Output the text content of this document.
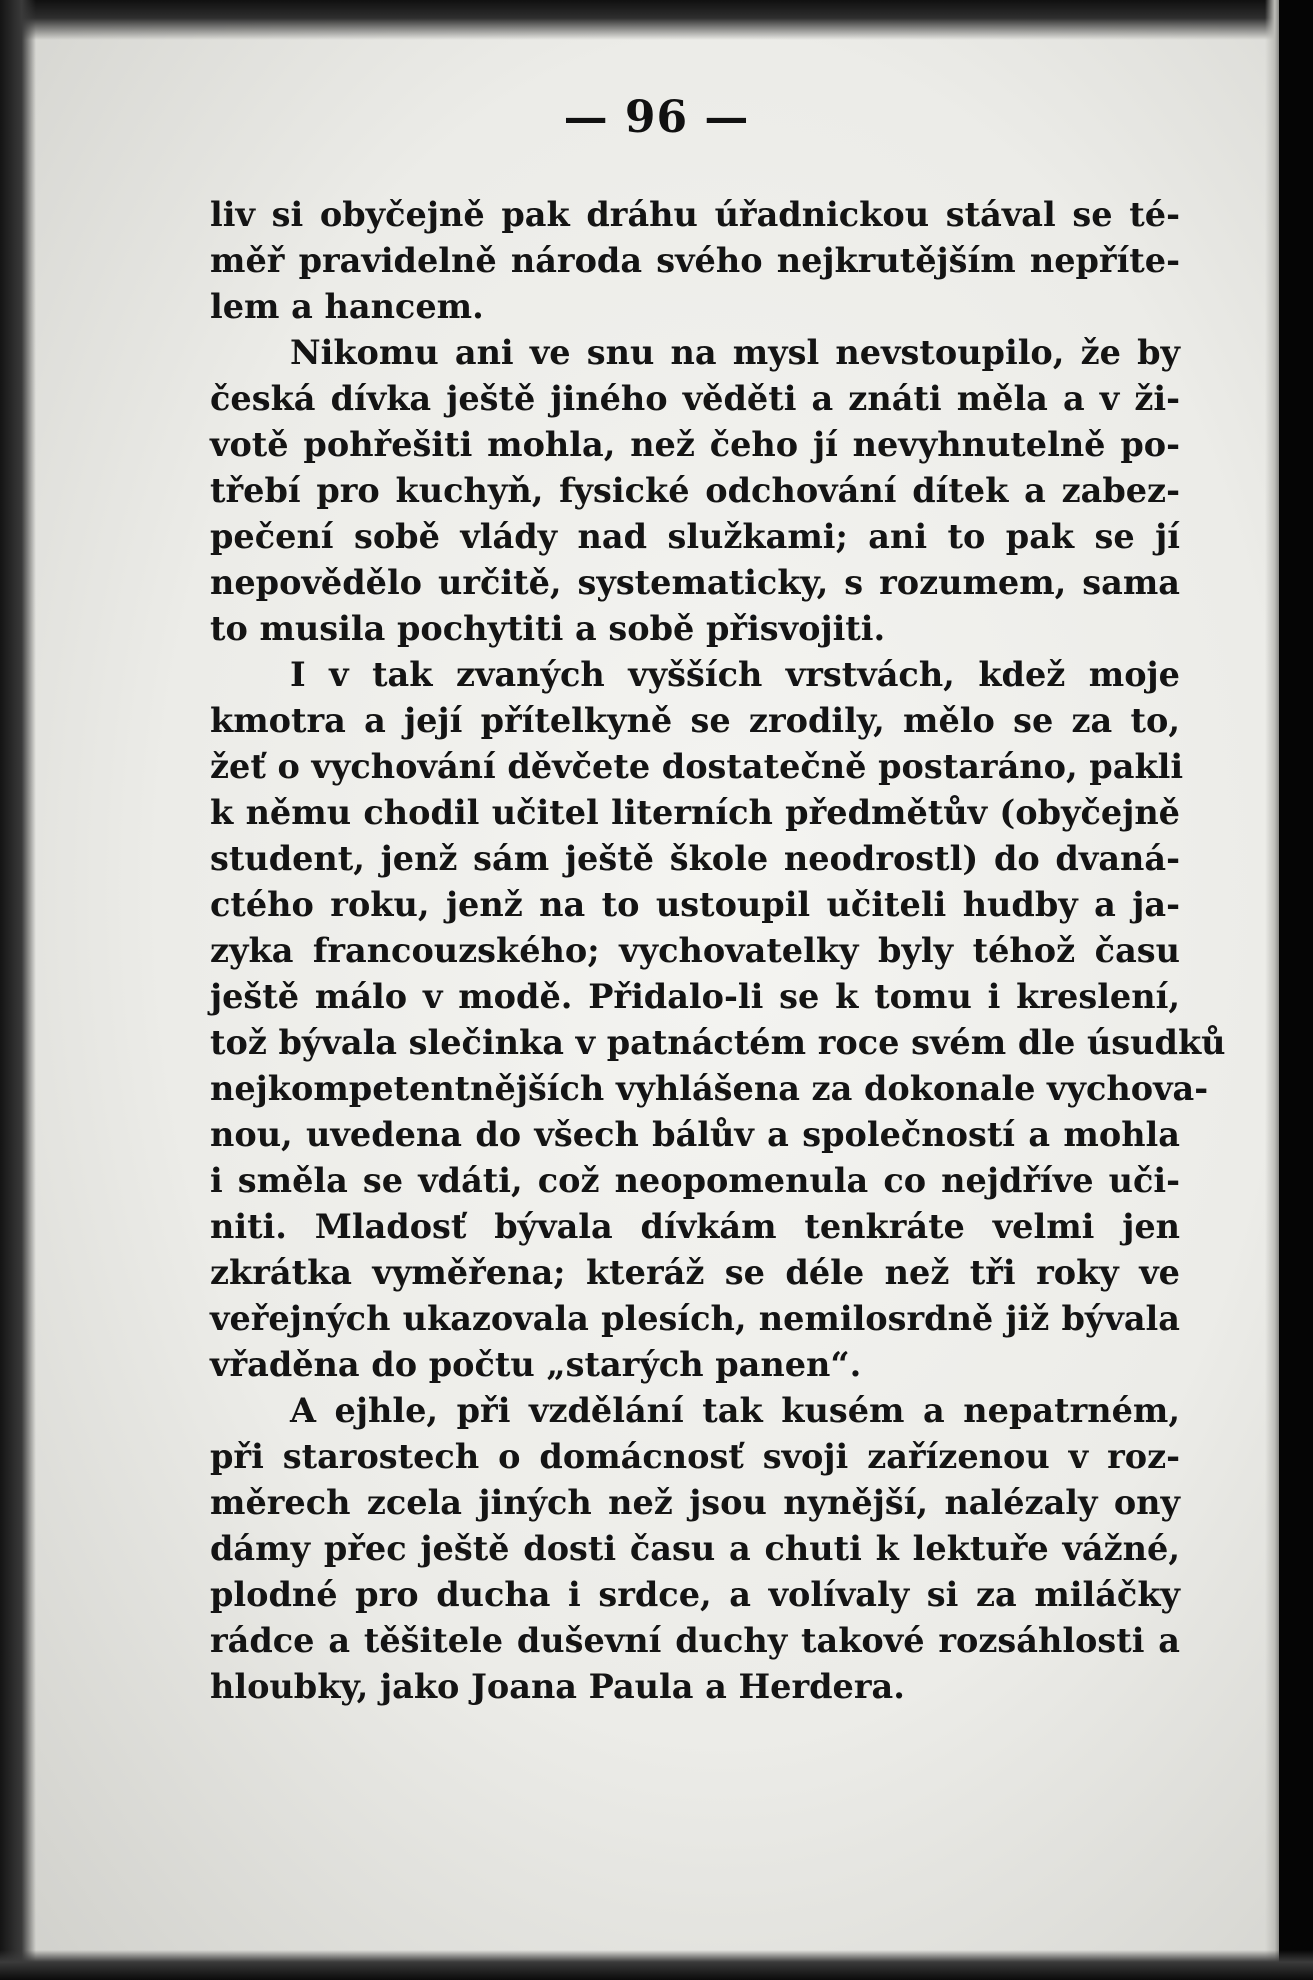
— 96 —
liv si obyčejně pak dráhu úřadnickou stával se té-
měř pravidelně národa svého nejkrutějším nepříte-
lem a hancem.
Nikomu ani ve snu na mysl nevstoupilo, že by
česká dívka ještě jiného věděti a znáti měla a v ži-
votě pohřešiti mohla, než čeho jí nevyhnutelně po-
třebí pro kuchyň, fysické odchování dítek a zabez-
pečení sobě vlády nad služkami; ani to pak se jí
nepovědělo určitě, systematicky, s rozumem, sama
to musila pochytiti a sobě přisvojiti.
I v tak zvaných vyšších vrstvách, kdež moje
kmotra a její přítelkyně se zrodily, mělo se za to,
žeť o vychování děvčete dostatečně postaráno, pakli
k němu chodil učitel literních předmětův (obyčejně
student, jenž sám ještě škole neodrostl) do dvaná-
ctého roku, jenž na to ustoupil učiteli hudby a ja-
zyka francouzského; vychovatelky byly téhož času
ještě málo v modě. Přidalo-li se k tomu i kreslení,
tož bývala slečinka v patnáctém roce svém dle úsudků
nejkompetentnějších vyhlášena za dokonale vychova-
nou, uvedena do všech bálův a společností a mohla
i směla se vdáti, což neopomenula co nejdříve uči-
niti. Mladosť bývala dívkám tenkráte velmi jen
zkrátka vyměřena; kteráž se déle než tři roky ve
veřejných ukazovala plesích, nemilosrdně již bývala
vřaděna do počtu „starých panen“.
A ejhle, při vzdělání tak kusém a nepatrném,
při starostech o domácnosť svoji zařízenou v roz-
měrech zcela jiných než jsou nynější, nalézaly ony
dámy přec ještě dosti času a chuti k lektuře vážné,
plodné pro ducha i srdce, a volívaly si za miláčky
rádce a těšitele duševní duchy takové rozsáhlosti a
hloubky, jako Joana Paula a Herdera.
